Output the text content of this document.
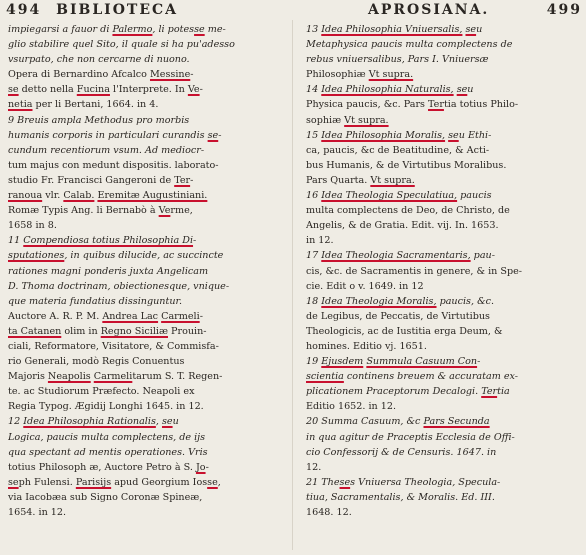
494 BIBLIOTECA	APROSIANA.	499
impiegarsi a fauor di Palermo, li potesse me-
glio stabilire quel Sito, il quale si ha pu'adesso
vsurpato, che non cercarne di nuono.
Opera di Bernardino Afcalco Messine-
se detto nella Fucina l'Interprete. In Ve-
netia per li Bertani, 1664. in 4.
9 Breuis ampla Methodus pro morbis
humanis corporis in particulari curandis se-
cundum recentiorum vsum. Ad mediocr-
tum majus con medunt dispositis. laborato-
studio Fr. Francisci Gangeroni de Ter-
ranoua vlr. Calab. Eremitæ Augustiniani.
Romæ Typis Ang. li Bernabò à Verme,
1658 in 8.
11 Compendiosa totius Philosophia Di-
sputationes, in quibus dilucide, ac succincte
rationes magni ponderis juxta Angelicam
D. Thoma doctrinam, obiectionesque, vnique-
que materia fundatius dissinguntur.
Auctore A. R. P. M. Andrea Lac Carmeli-
ta Catanen olim in Regno Siciliæ Prouin-
ciali, Reformatore, Visitatore, & Commisfa-
rio Generali, modò Regis Conuentus
Majoris Neapolis Carmelitarum S. T. Regen-
te. ac Studiorum Præfecto. Neapoli ex
Regia Typog. Ægidij Longhi 1645. in 12.
12 Idea Philosophia Rationalis, seu
Logica, paucis multa complectens, de ijs
qua spectant ad mentis operationes. Vris
totius Philosoph æ, Auctore Petro à S. Jo-
seph Fulensi. Parisijs apud Georgium Iosse,
via Iacobæa sub Signo Coronæ Spineæ,
1654. in 12.
13 Idea Philosophia Vniuersalis, seu
Metaphysica paucis multa complectens de
rebus vniuersalibus, Pars I. Vniuersæ
Philosophiæ Vt supra.
14 Idea Philosophia Naturalis, seu
Physica paucis, &c. Pars Tertia totius Philo-
sophiæ Vt supra.
15 Idea Philosophia Moralis, seu Ethi-
ca, paucis, &c de Beatitudine, & Acti-
bus Humanis, & de Virtutibus Moralibus.
Pars Quarta. Vt supra.
16 Idea Theologia Speculatiua, paucis
multa complectens de Deo, de Christo, de
Angelis, & de Gratia. Edit. vij. In. 1653.
in 12.
17 Idea Theologia Sacramentaris, pau-
cis, &c. de Sacramentis in genere, & in Spe-
cie. Edit o v. 1649. in 12
18 Idea Theologia Moralis, paucis, &c.
de Legibus, de Peccatis, de Virtutibus
Theologicis, ac de Iustitia erga Deum, &
homines. Editio vj. 1651.
19 Ejusdem Summula Casuum Con-
scientia continens breuem & accuratam ex-
plicationem Praceptorum Decalogi. Tertia
Editio 1652. in 12.
20 Summa Casuum, &c Pars Secunda
in qua agitur de Praceptis Ecclesia de Offi-
cio Confessorij & de Censuris. 1647. in
12.
21 Theses Vniuersa Theologia, Specula-
tiua, Sacramentalis, & Moralis. Ed. III.
1648. 12.
